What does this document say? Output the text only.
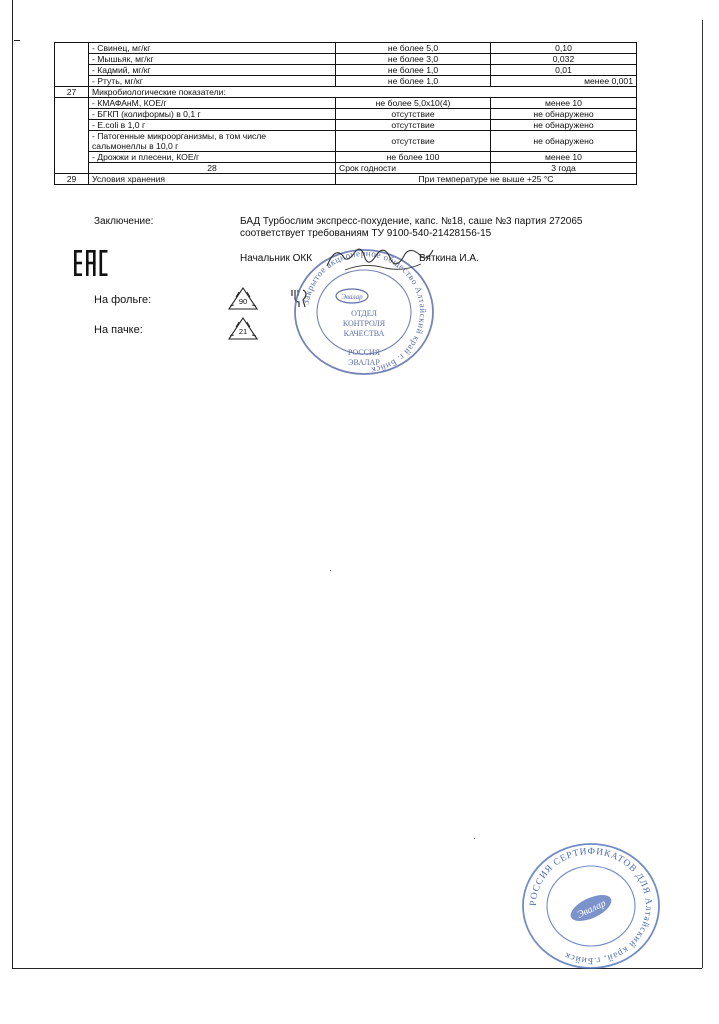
	- Свинец, мг/кг	не более 5,0	0,10
	- Мышьяк, мг/кг	не более 3,0	0,032
	- Кадмий, мг/кг	не более 1,0	0,01
	- Ртуть, мг/кг	не более 1,0	менее 0,001
27	Микробиологические показатели:		
	- КМАФАнМ, КОЕ/г	не более 5,0х10(4)	менее 10
	- БГКП (колиформы) в 0,1 г	отсутствие	не обнаружено
	- E.coli в 1,0 г	отсутствие	не обнаружено

	- Патогенные микроорганизмы, в том числе
сальмонеллы в 10,0 г	отсутствие	не обнаружено
	- Дрожжи и плесени, КОЕ/г	не более 100	менее 10
	28	Срок годности	3 года
29	Условия хранения	При температуре не выше +25 °С	
Заключение:	БАД Турбослим экспресс-похудение, капс. №18, саше №3 партия 272065
соответствует требованиям ТУ 9100-540-21428156-15
Начальник ОКК	Вяткина И.А.
На фольге:
На пачке:
90
21
Закрытое акционерное общество Алтайский край г. Бийск
Эвалар
ОТДЕЛ
КОНТРОЛЯ
КАЧЕСТВА
РОССИЯ
ЭВАЛАР
РОССИЯ СЕРТИФИКАТОВ ДЛЯ Алтайский край, г.Бийск
Эвалар
